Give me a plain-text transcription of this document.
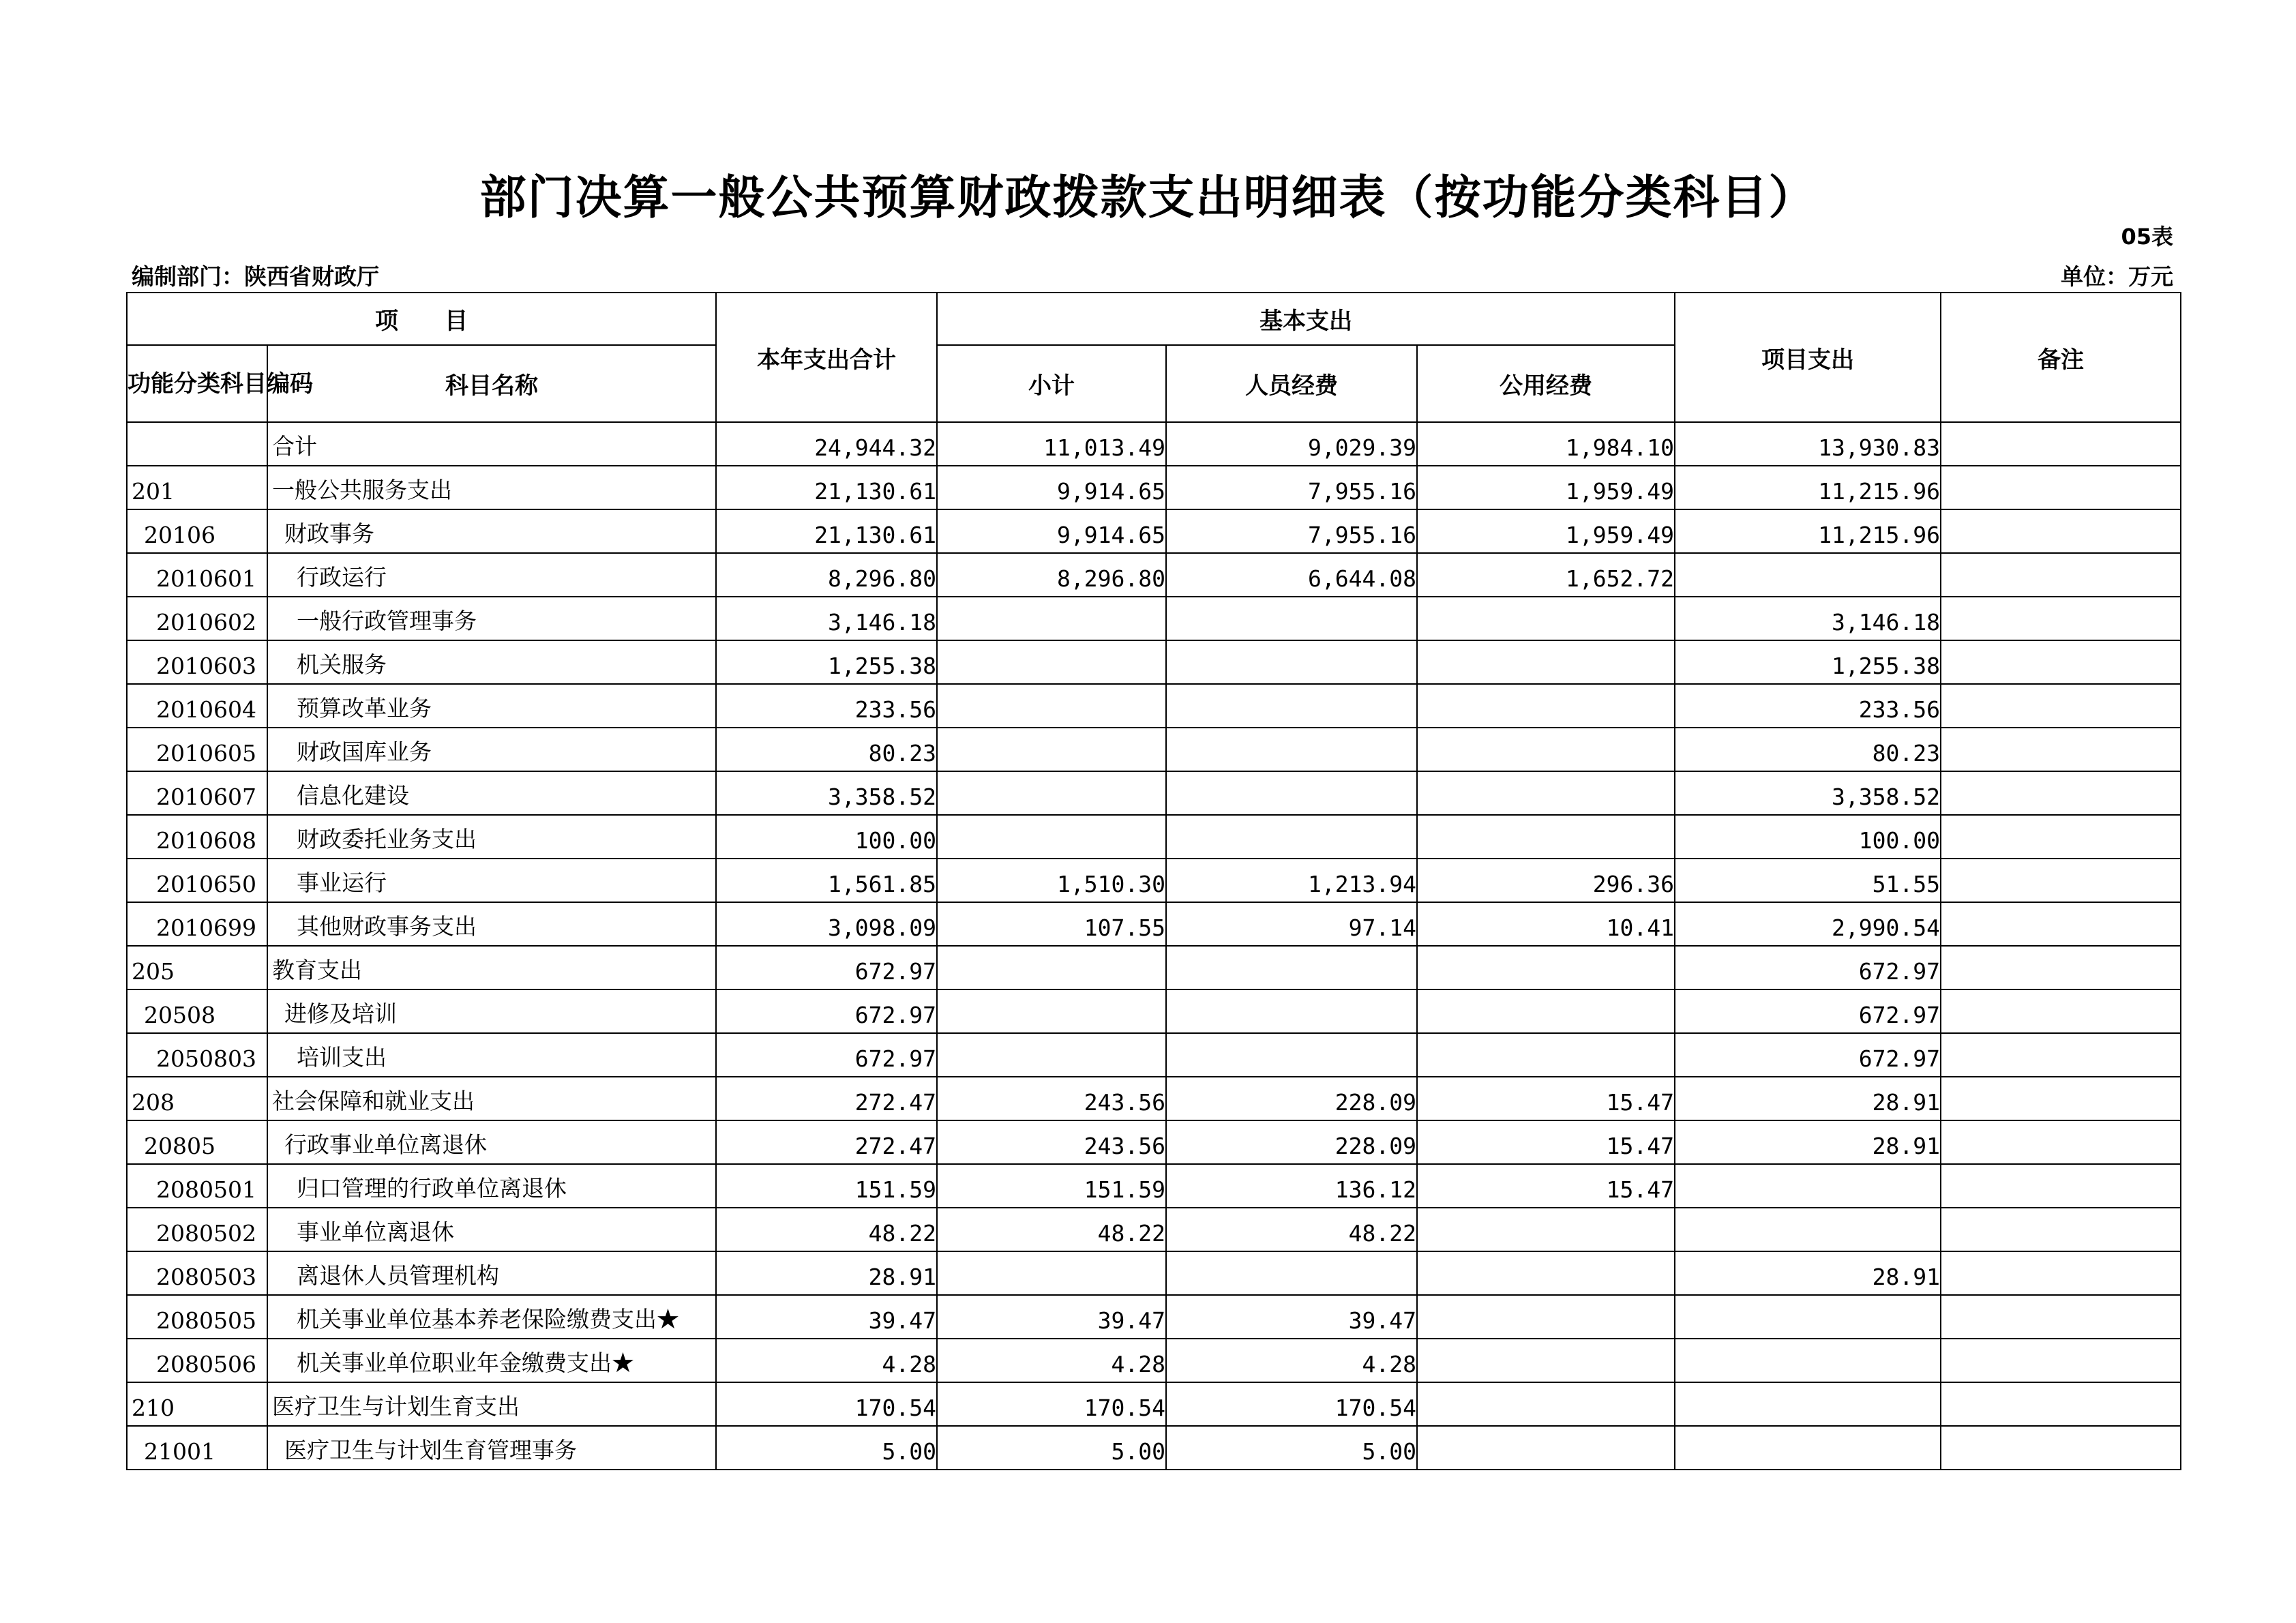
部门决算一般公共预算财政拨款支出明细表（按功能分类科目）
05表
编制部门：陕西省财政厅	单位：万元
项　　目		本年支出合计	基本支出			项目支出	备注
功能分类科目编码	科目名称		小计	人员经费	公用经费		
	合计	24,944.32	11,013.49	9,029.39	1,984.10	13,930.83	
201	一般公共服务支出	21,130.61	9,914.65	7,955.16	1,959.49	11,215.96	
20106	财政事务	21,130.61	9,914.65	7,955.16	1,959.49	11,215.96	
2010601	行政运行	8,296.80	8,296.80	6,644.08	1,652.72		
2010602	一般行政管理事务	3,146.18				3,146.18	
2010603	机关服务	1,255.38				1,255.38	
2010604	预算改革业务	233.56				233.56	
2010605	财政国库业务	80.23				80.23	
2010607	信息化建设	3,358.52				3,358.52	
2010608	财政委托业务支出	100.00				100.00	
2010650	事业运行	1,561.85	1,510.30	1,213.94	296.36	51.55	
2010699	其他财政事务支出	3,098.09	107.55	97.14	10.41	2,990.54	
205	教育支出	672.97				672.97	
20508	进修及培训	672.97				672.97	
2050803	培训支出	672.97				672.97	
208	社会保障和就业支出	272.47	243.56	228.09	15.47	28.91	
20805	行政事业单位离退休	272.47	243.56	228.09	15.47	28.91	
2080501	归口管理的行政单位离退休	151.59	151.59	136.12	15.47		
2080502	事业单位离退休	48.22	48.22	48.22			
2080503	离退休人员管理机构	28.91				28.91	
2080505	机关事业单位基本养老保险缴费支出★	39.47	39.47	39.47			
2080506	机关事业单位职业年金缴费支出★	4.28	4.28	4.28			
210	医疗卫生与计划生育支出	170.54	170.54	170.54			
21001	医疗卫生与计划生育管理事务	5.00	5.00	5.00			
